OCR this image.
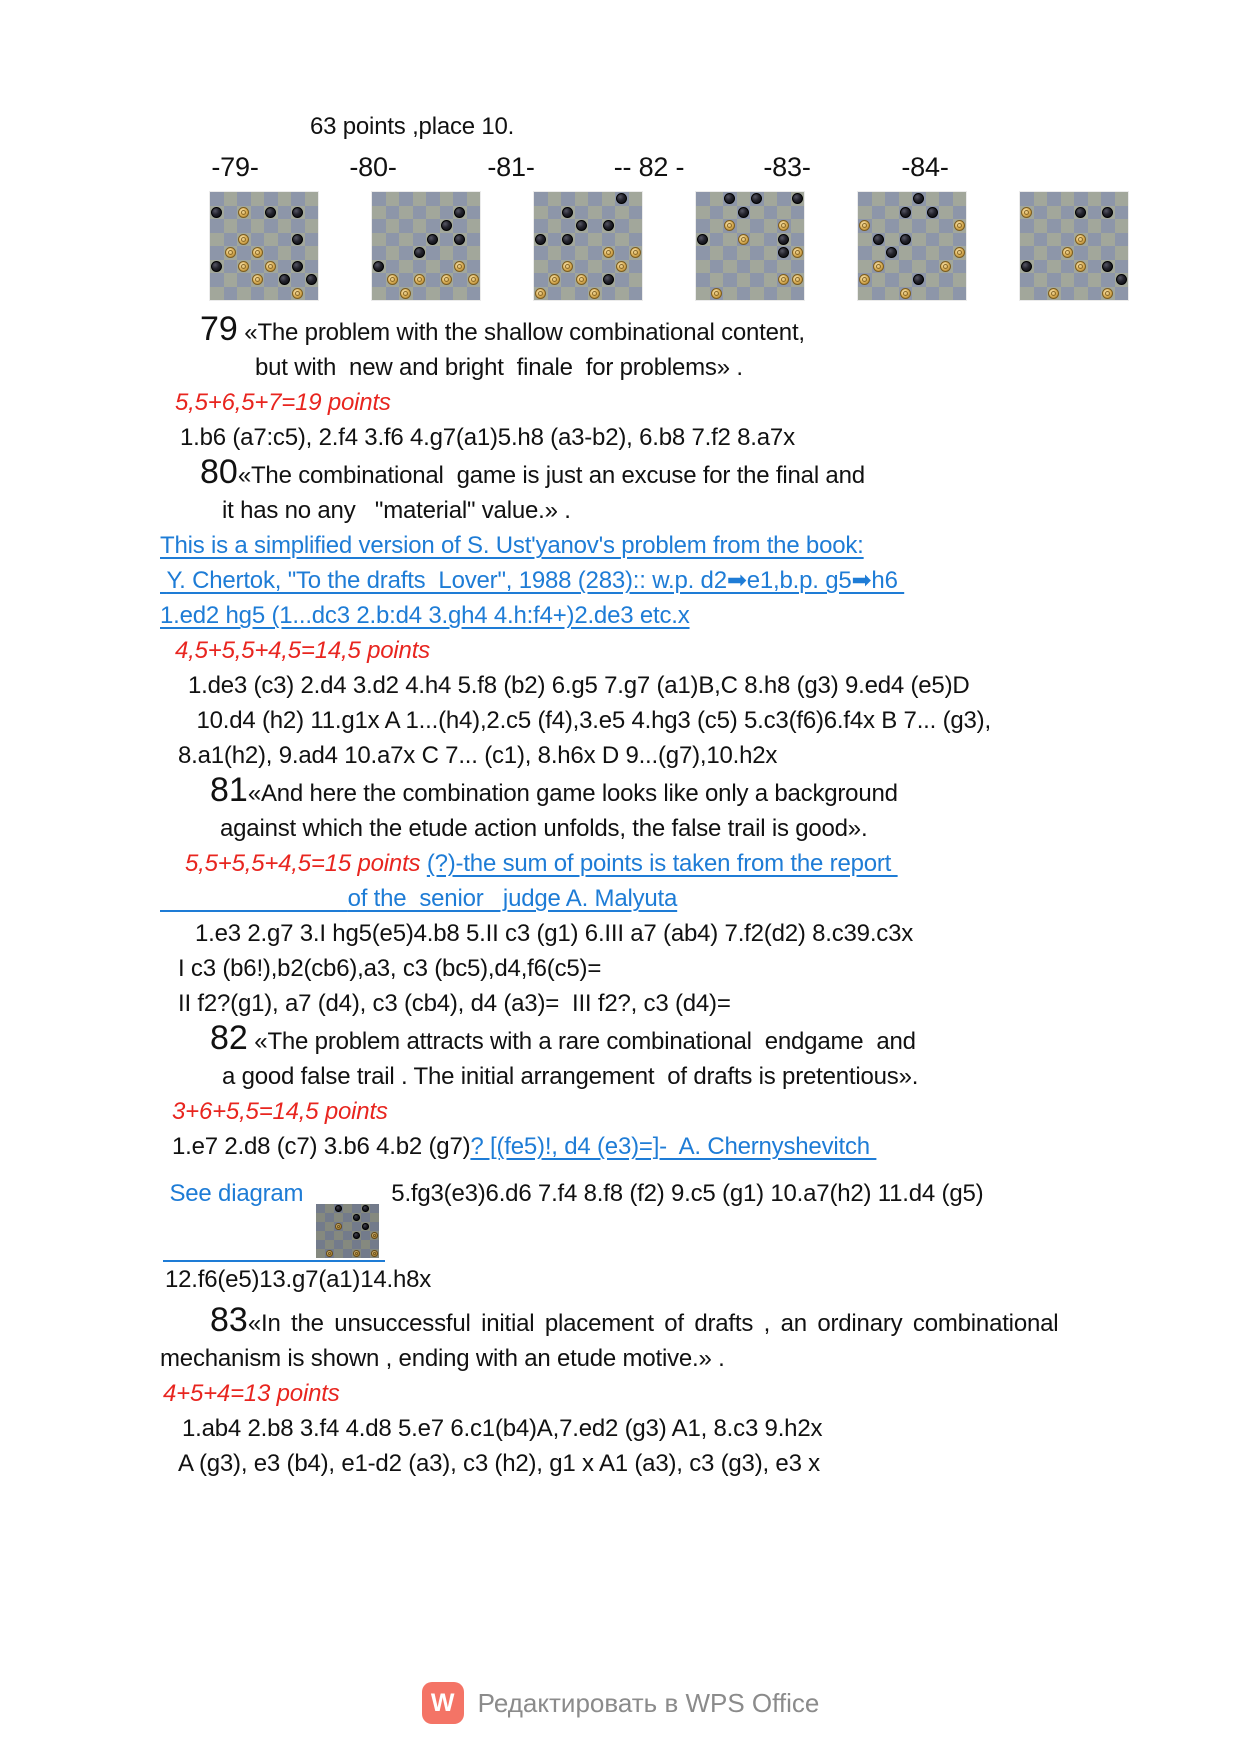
63 points ,place 10.
-79-	-80-	-81-	-- 82 -	-83-	-84-

79 «The problem with the shallow combinational content,

but with  new and bright  finale  for problems» .

5,5+6,5+7=19 points

1.b6 (a7:c5), 2.f4 3.f6 4.g7(a1)5.h8 (a3-b2), 6.b8 7.f2 8.a7x

80«The combinational  game is just an excuse for the final and

it has no any   "material" value.» .

This is a simplified version of S. Ust'yanov's problem from the book:

Y. Chertok, "To the drafts  Lover", 1988 (283):: w.p. d2➡e1,b.p. g5➡h6

1.ed2 hg5 (1...dc3 2.b:d4 3.gh4 4.h:f4+)2.de3 etc.x

4,5+5,5+4,5=14,5 points

1.de3 (c3) 2.d4 3.d2 4.h4 5.f8 (b2) 6.g5 7.g7 (a1)B,C 8.h8 (g3) 9.ed4 (e5)D

10.d4 (h2) 11.g1x A 1...(h4),2.c5 (f4),3.e5 4.hg3 (c5) 5.c3(f6)6.f4x B 7... (g3),

8.a1(h2), 9.ad4 10.a7x C 7... (c1), 8.h6x D 9...(g7),10.h2x

81«And here the combination game looks like only a background

against which the etude action unfolds, the false trail is good».

5,5+5,5+4,5=15 points (?)-the sum of points is taken from the report

of the  senior   judge A. Malyuta

1.e3 2.g7 3.I hg5(e5)4.b8 5.II c3 (g1) 6.III a7 (ab4) 7.f2(d2) 8.c39.c3x

I c3 (b6!),b2(cb6),a3, c3 (bc5),d4,f6(c5)=

II f2?(g1), a7 (d4), c3 (cb4), d4 (a3)=  III f2?, c3 (d4)=

82 «The problem attracts with a rare combinational  endgame  and

a good false trail . The initial arrangement  of drafts is pretentious».

3+6+5,5=14,5 points

1.e7 2.d8 (c7) 3.b6 4.b2 (g7)? [(fe5)!, d4 (e3)=]-  A. Chernyshevitch

See diagram	5.fg3(e3)6.d6 7.f4 8.f8 (f2) 9.c5 (g1) 10.a7(h2) 11.d4 (g5)

12.f6(e5)13.g7(a1)14.h8x

83«In the unsuccessful initial placement of drafts , an ordinary combinational

mechanism is shown , ending with an etude motive.» .

4+5+4=13 points

1.ab4 2.b8 3.f4 4.d8 5.e7 6.c1(b4)A,7.ed2 (g3) A1, 8.c3 9.h2x

A (g3), e3 (b4), e1-d2 (a3), c3 (h2), g1 x A1 (a3), c3 (g3), e3 x

W Редактировать в WPS Office
